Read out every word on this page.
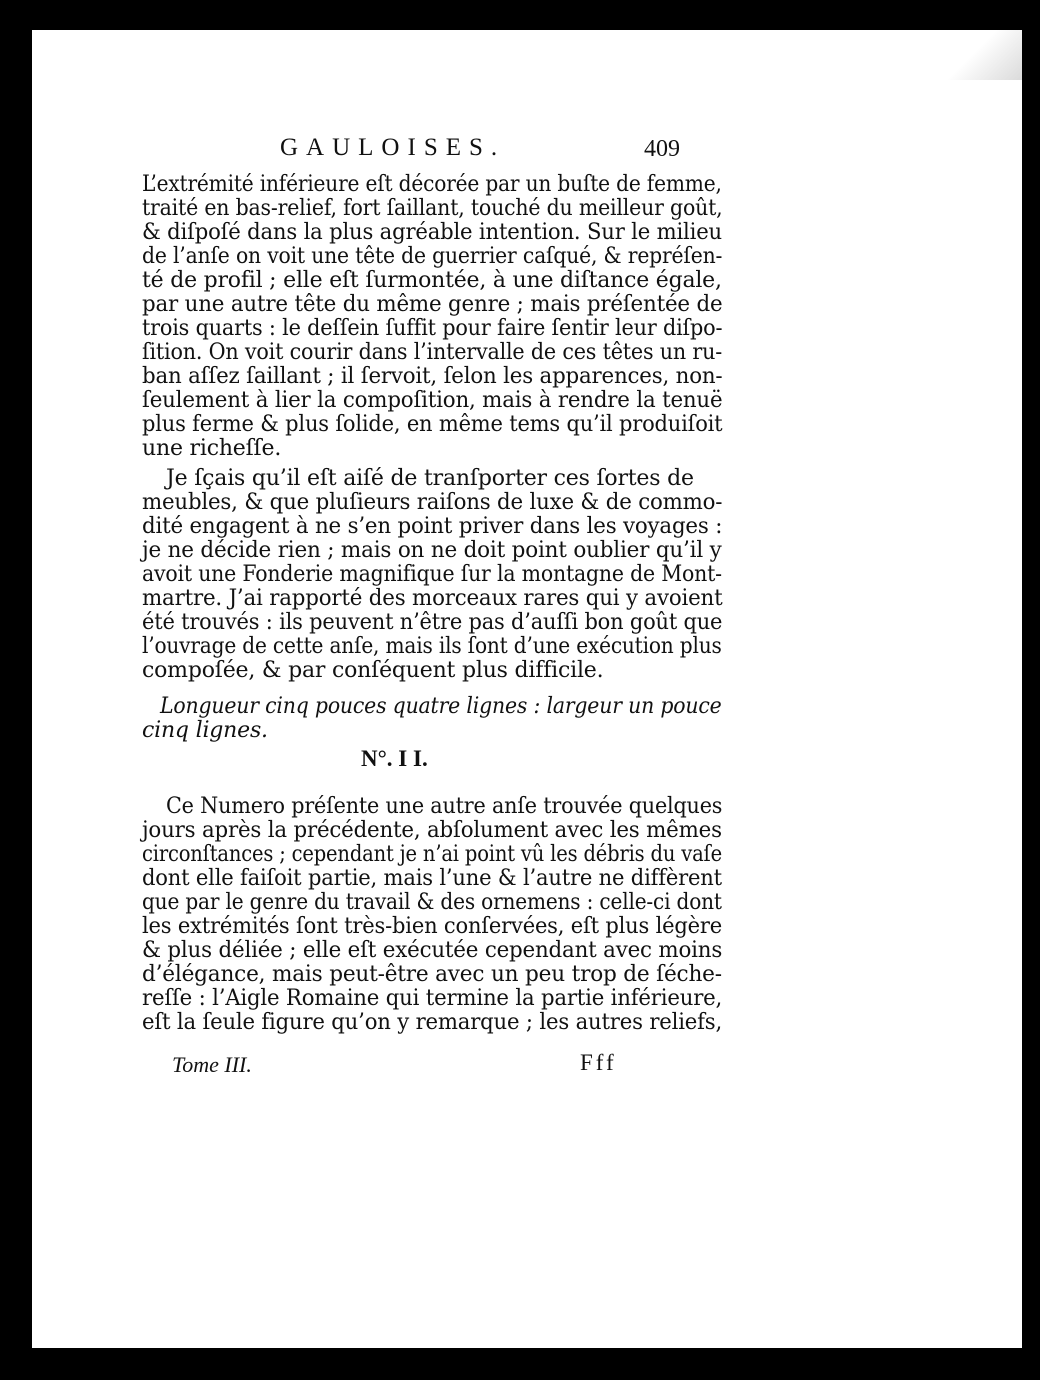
GAULOISES.	409
L’extrémité inférieure eſt décorée par un buſte de femme,
traité en bas-relief, fort ſaillant, touché du meilleur goût,
& diſpoſé dans la plus agréable intention. Sur le milieu
de l’anſe on voit une tête de guerrier caſqué, & repréſen-
té de profil ; elle eſt ſurmontée, à une diſtance égale,
par une autre tête du même genre ; mais préſentée de
trois quarts : le deſſein ſuffit pour faire ſentir leur diſpo-
ſition. On voit courir dans l’intervalle de ces têtes un ru-
ban aſſez ſaillant ; il ſervoit, ſelon les apparences, non-
ſeulement à lier la compoſition, mais à rendre la tenuë
plus ferme & plus ſolide, en même tems qu’il produiſoit
une richeſſe.
Je ſçais qu’il eſt aiſé de tranſporter ces ſortes de
meubles, & que pluſieurs raiſons de luxe & de commo-
dité engagent à ne s’en point priver dans les voyages :
je ne décide rien ; mais on ne doit point oublier qu’il y
avoit une Fonderie magnifique ſur la montagne de Mont-
martre. J’ai rapporté des morceaux rares qui y avoient
été trouvés : ils peuvent n’être pas d’auſſi bon goût que
l’ouvrage de cette anſe, mais ils ſont d’une exécution plus
compoſée, & par conſéquent plus difficile.
Longueur cinq pouces quatre lignes : largeur un pouce
cinq lignes.
N°. I I.
Ce Numero préſente une autre anſe trouvée quelques
jours après la précédente, abſolument avec les mêmes
circonſtances ; cependant je n’ai point vû les débris du vaſe
dont elle faiſoit partie, mais l’une & l’autre ne diffèrent
que par le genre du travail & des ornemens : celle-ci dont
les extrémités ſont très-bien conſervées, eſt plus légère
& plus déliée ; elle eſt exécutée cependant avec moins
d’élégance, mais peut-être avec un peu trop de ſéche-
reſſe : l’Aigle Romaine qui termine la partie inférieure,
eſt la ſeule figure qu’on y remarque ; les autres reliefs,
Tome III.	Fff
